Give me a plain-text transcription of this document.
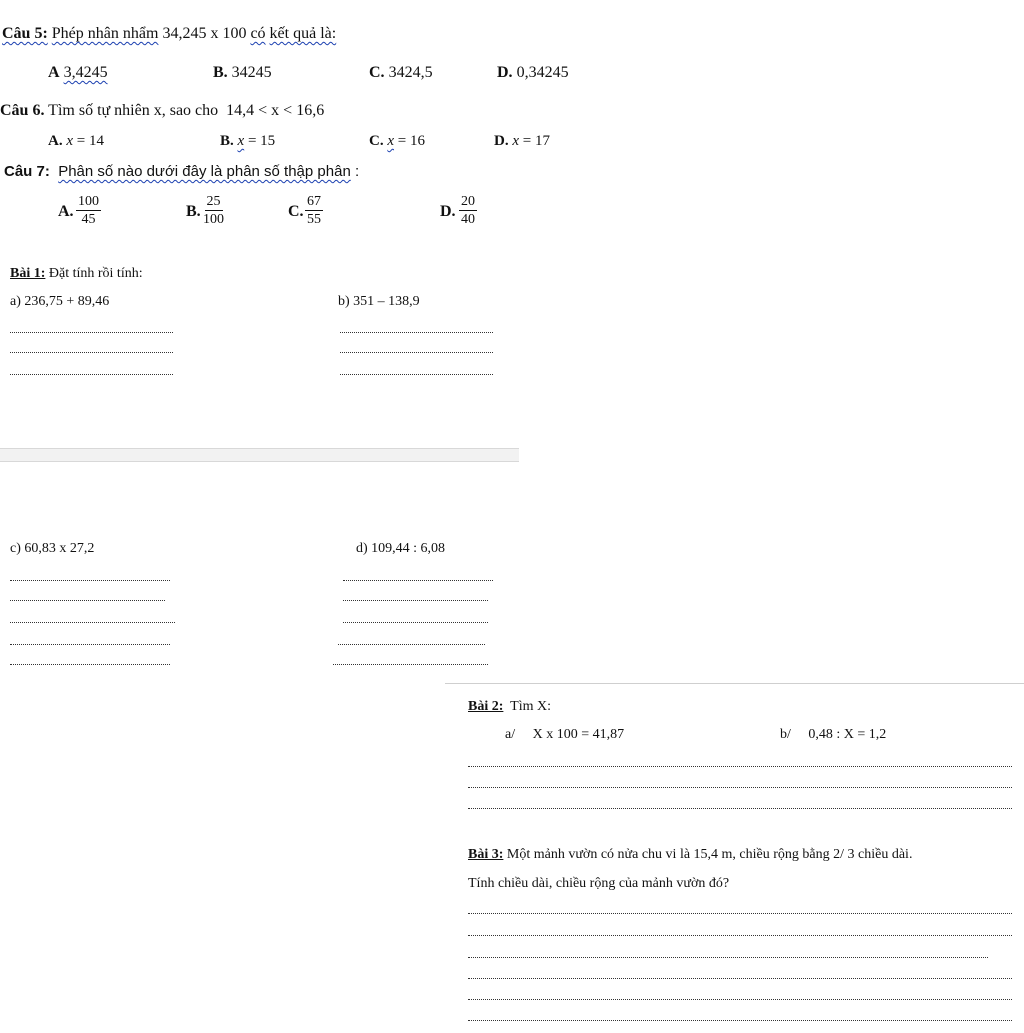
Câu 5: Phép nhân nhẩm 34,245 x 100 có kết quả là:
A 3,4245	B. 34245	C. 3424,5	D. 0,34245
Câu 6. Tìm số tự nhiên x, sao cho 14,4 < x < 16,6
A. x = 14	B. x = 15	C. x = 16	D. x = 17
Câu 7: Phân số nào dưới đây là phân số thập phân :
A. $\frac{100}{45}$	B. $\frac{25}{100}$	C. $\frac{67}{55}$	D. $\frac{20}{40}$
Bài 1: Đặt tính rồi tính:
a) 236,75 + 89,46	b) 351 – 138,9
c) 60,83 x 27,2	d) 109,44 : 6,08
Bài 2: Tìm X:
a/ X x 100 = 41,87	b/ 0,48 : X = 1,2
Bài 3: Một mảnh vườn có nửa chu vi là 15,4 m, chiều rộng bằng 2/ 3 chiều dài.
Tính chiều dài, chiều rộng của mảnh vườn đó?
